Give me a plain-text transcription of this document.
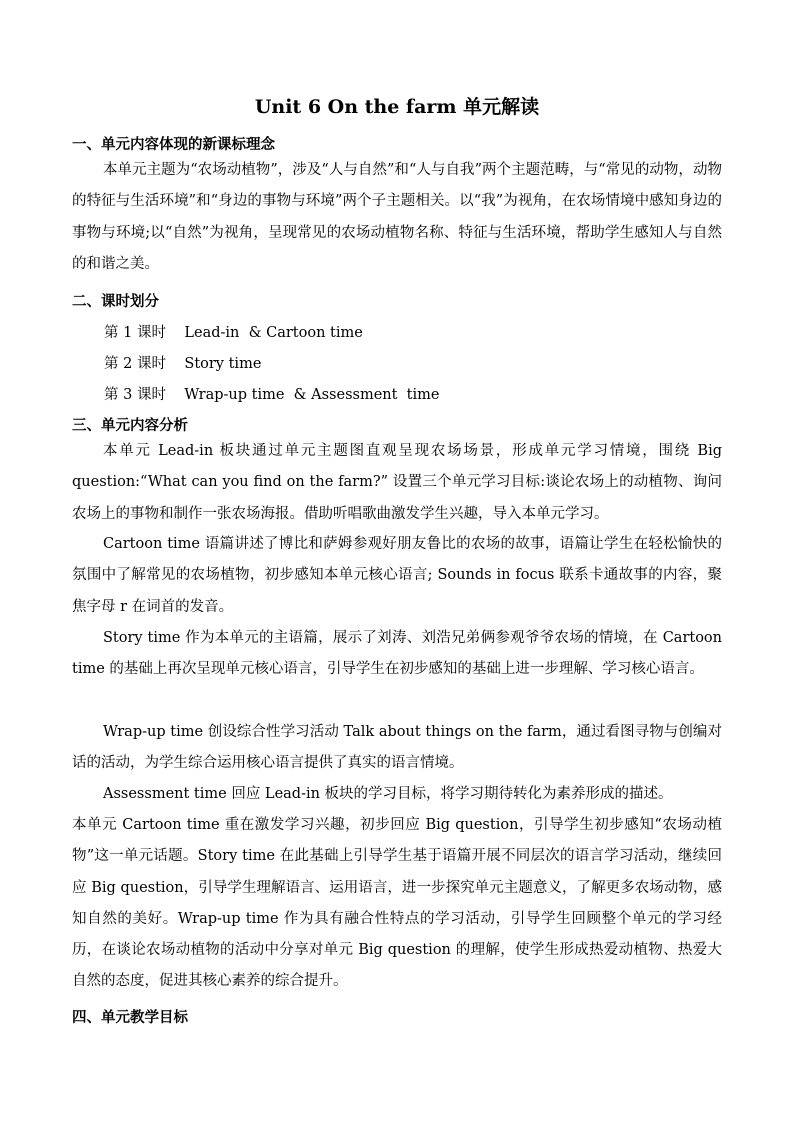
Unit 6 On the farm 单元解读
一、单元内容体现的新课标理念

本单元主题为“农场动植物”，涉及“人与自然”和“人与自我”两个主题范畴，与“常见的动物，动物的特征与生活环境”和“身边的事物与环境”两个子主题相关。以“我”为视角，在农场情境中感知身边的事物与环境;以“自然”为视角，呈现常见的农场动植物名称、特征与生活环境，帮助学生感知人与自然的和谐之美。

二、课时划分
第 1 课时    Lead-in  & Cartoon time
第 2 课时    Story time
第 3 课时    Wrap-up time  & Assessment  time
三、单元内容分析

本单元 Lead-in 板块通过单元主题图直观呈现农场场景，形成单元学习情境，围绕 Big question:“What can you find on the farm?” 设置三个单元学习目标:谈论农场上的动植物、询问农场上的事物和制作一张农场海报。借助听唱歌曲激发学生兴趣，导入本单元学习。

Cartoon time 语篇讲述了博比和萨姆参观好朋友鲁比的农场的故事，语篇让学生在轻松愉快的氛围中了解常见的农场植物，初步感知本单元核心语言; Sounds in focus 联系卡通故事的内容，聚焦字母 r 在词首的发音。

Story time 作为本单元的主语篇，展示了刘涛、刘浩兄弟俩参观爷爷农场的情境，在 Cartoon time 的基础上再次呈现单元核心语言，引导学生在初步感知的基础上进一步理解、学习核心语言。

Wrap-up time 创设综合性学习活动 Talk about things on the farm，通过看图寻物与创编对话的活动，为学生综合运用核心语言提供了真实的语言情境。

Assessment time 回应 Lead-in 板块的学习目标，将学习期待转化为素养形成的描述。

本单元 Cartoon time 重在激发学习兴趣，初步回应 Big question，引导学生初步感知“农场动植物”这一单元话题。Story time 在此基础上引导学生基于语篇开展不同层次的语言学习活动，继续回应 Big question，引导学生理解语言、运用语言，进一步探究单元主题意义，了解更多农场动物，感知自然的美好。Wrap-up time 作为具有融合性特点的学习活动，引导学生回顾整个单元的学习经历，在谈论农场动植物的活动中分享对单元 Big question 的理解，使学生形成热爱动植物、热爱大自然的态度，促进其核心素养的综合提升。

四、单元教学目标
